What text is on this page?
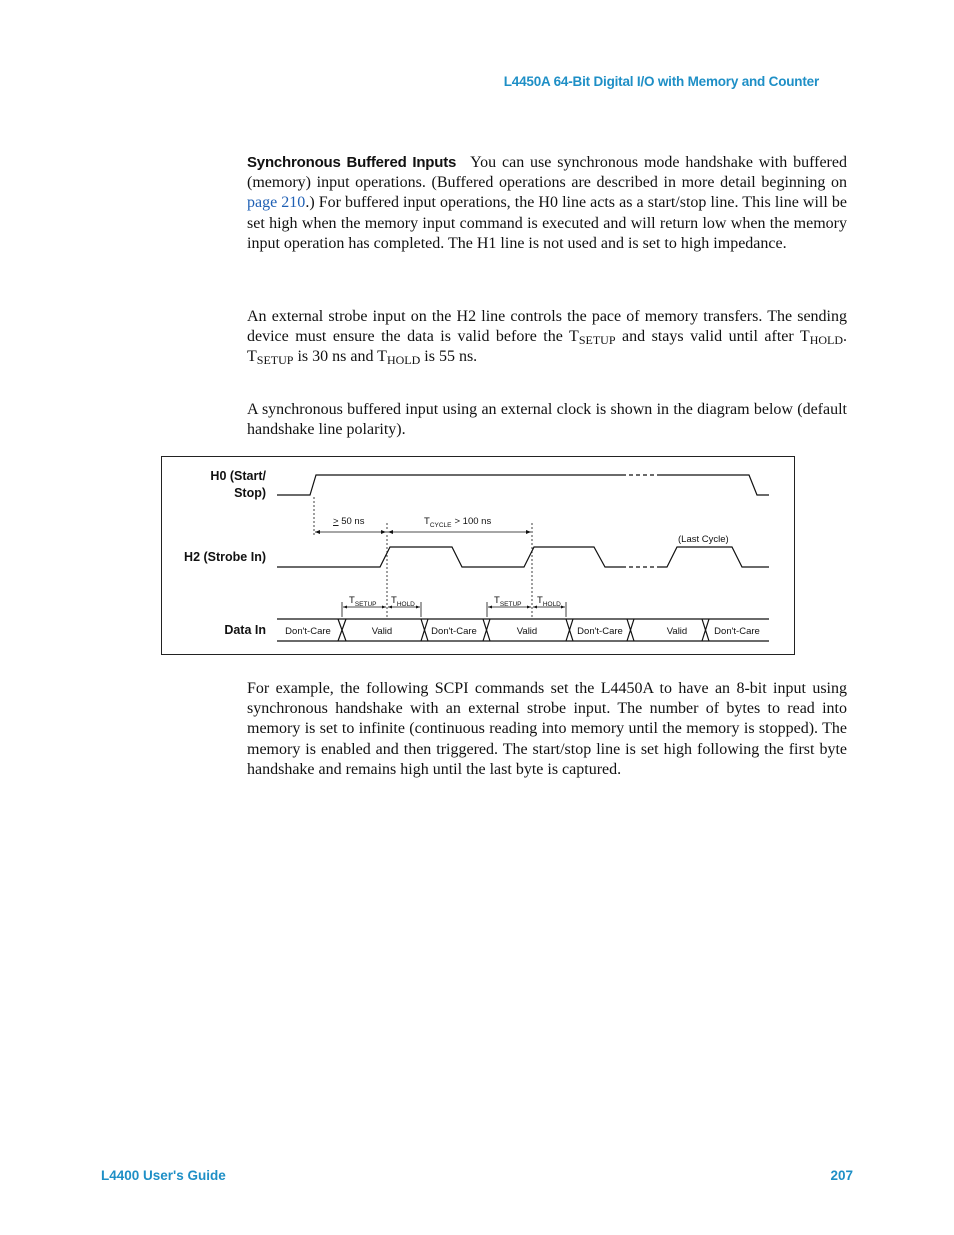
L4450A 64-Bit Digital I/O with Memory and Counter

Synchronous Buffered Inputs You can use synchronous mode handshake with buffered (memory) input operations. (Buffered operations are described in more detail beginning on page 210.) For buffered input operations, the H0 line acts as a start/stop line. This line will be set high when the memory input command is executed and will return low when the memory input operation has completed. The H1 line is not used and is set to high impedance.

An external strobe input on the H2 line controls the pace of memory transfers. The sending device must ensure the data is valid before the $T_{SETUP}$ and stays valid until after $T_{HOLD}$. $T_{SETUP}$ is 30 ns and $T_{HOLD}$ is 55 ns.

A synchronous buffered input using an external clock is shown in the diagram below (default handshake line polarity).

H0 (Start/
Stop)
H2 (Strobe In)
Data In
> 50 ns	$T_{CYCLE} > 100$ ns
(Last Cycle)
$T_{SETUP}$ $T_{HOLD}$	$T_{SETUP}$ $T_{HOLD}$
Don't-Care	Valid	Don't-Care	Valid	Don't-Care	Valid	Don't-Care

For example, the following SCPI commands set the L4450A to have an 8-bit input using synchronous handshake with an external strobe input. The number of bytes to read into memory is set to infinite (continuous reading into memory until the memory is stopped). The memory is enabled and then triggered. The start/stop line is set high following the first byte handshake and remains high until the last byte is captured.

L4400 User's Guide	207
